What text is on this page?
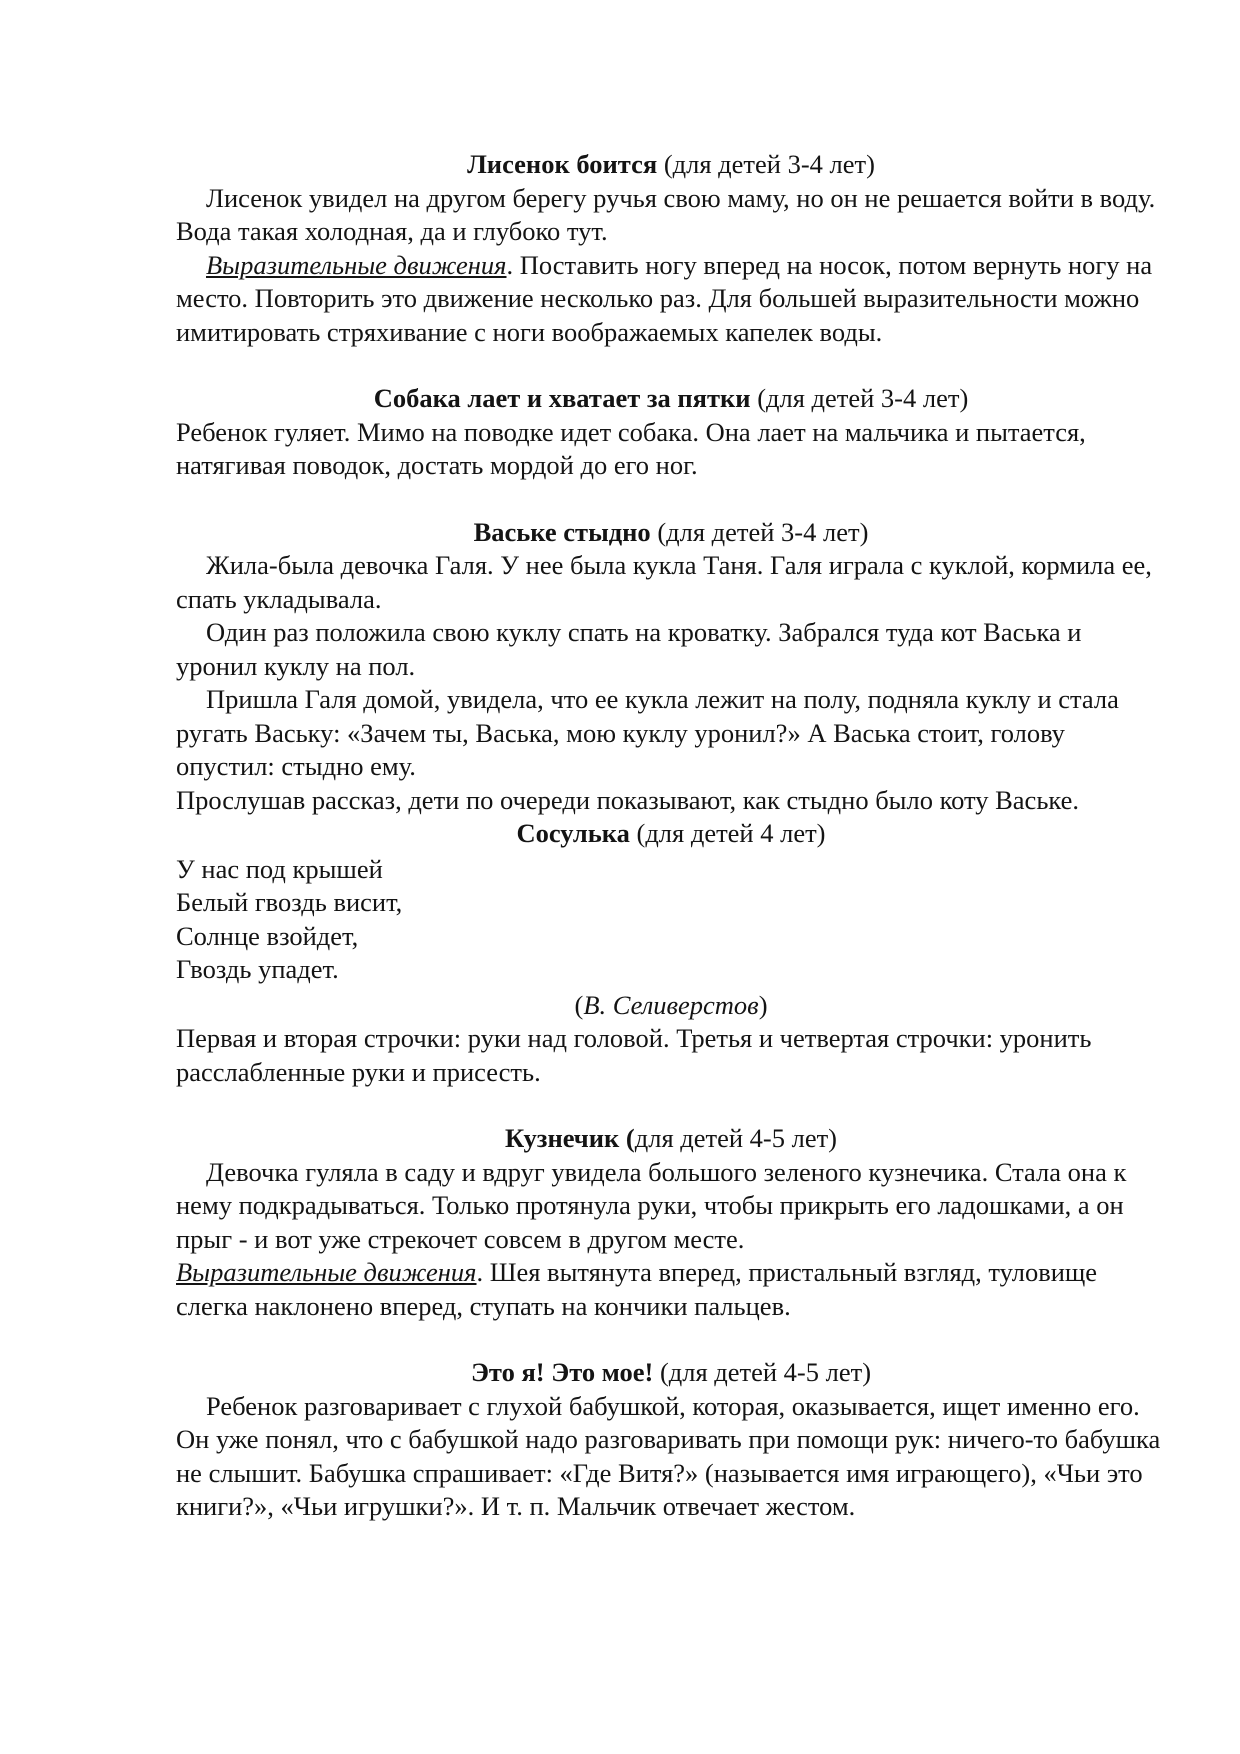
Лисенок боится (для детей 3-4 лет)

Лисенок увидел на другом берегу ручья свою маму, но он не решается войти в воду. Вода такая холодная, да и глубоко тут.

Выразительные движения. Поставить ногу вперед на носок, потом вернуть ногу на место. Повторить это движение несколько раз. Для большей выразительности можно имитировать стряхивание с ноги воображаемых капелек воды.

Собака лает и хватает за пятки (для детей 3-4 лет)

Ребенок гуляет. Мимо на поводке идет собака. Она лает на мальчика и пытается, натягивая поводок, достать мордой до его ног.

Ваське стыдно (для детей 3-4 лет)

Жила-была девочка Галя. У нее была кукла Таня. Галя играла с куклой, кормила ее, спать укладывала.

Один раз положила свою куклу спать на кроватку. Забрался туда кот Васька и уронил куклу на пол.

Пришла Галя домой, увидела, что ее кукла лежит на полу, подняла куклу и стала ругать Ваську: «Зачем ты, Васька, мою куклу уронил?» А Васька стоит, голову опустил: стыдно ему.

Прослушав рассказ, дети по очереди показывают, как стыдно было коту Ваське.

Сосулька (для детей 4 лет)

У нас под крышей

Белый гвоздь висит,

Солнце взойдет,

Гвоздь упадет.

(В. Селиверстов)

Первая и вторая строчки: руки над головой. Третья и четвертая строчки: уронить расслабленные руки и присесть.

Кузнечик (для детей 4-5 лет)

Девочка гуляла в саду и вдруг увидела большого зеленого кузнечика. Стала она к нему подкрадываться. Только протянула руки, чтобы прикрыть его ладошками, а он прыг - и вот уже стрекочет совсем в другом месте.

Выразительные движения. Шея вытянута вперед, пристальный взгляд, туловище слегка наклонено вперед, ступать на кончики пальцев.

Это я! Это мое! (для детей 4-5 лет)

Ребенок разговаривает с глухой бабушкой, которая, оказывается, ищет именно его. Он уже понял, что с бабушкой надо разговаривать при помощи рук: ничего-то бабушка не слышит. Бабушка спрашивает: «Где Витя?» (называется имя играющего), «Чьи это книги?», «Чьи игрушки?». И т. п. Мальчик отвечает жестом.
